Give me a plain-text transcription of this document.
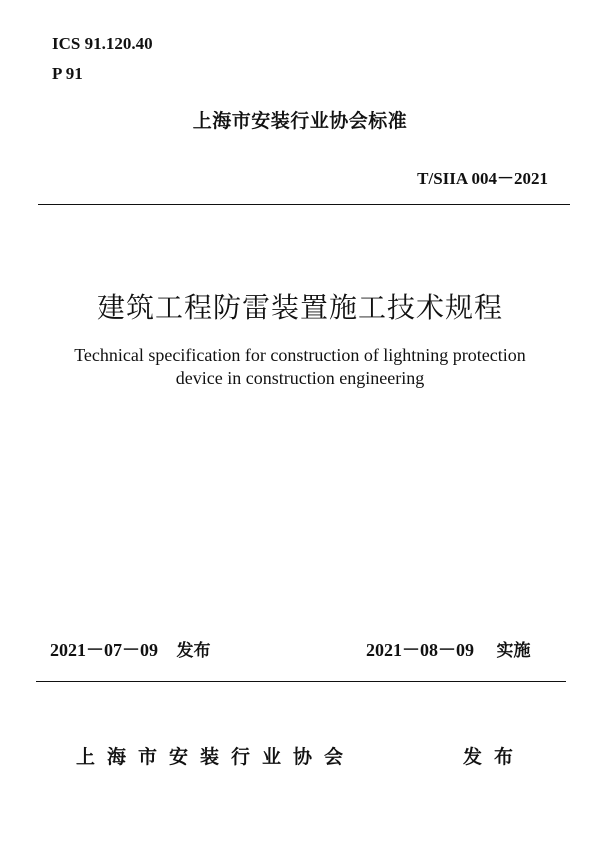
ICS 91.120.40
P 91
上海市安装行业协会标准
T/SIIA 004－2021
建筑工程防雷装置施工技术规程
Technical specification for construction of lightning protection
device in construction engineering
2021－07－09 发布	2021－08－09 实施
上海市安装行业协会	发布
